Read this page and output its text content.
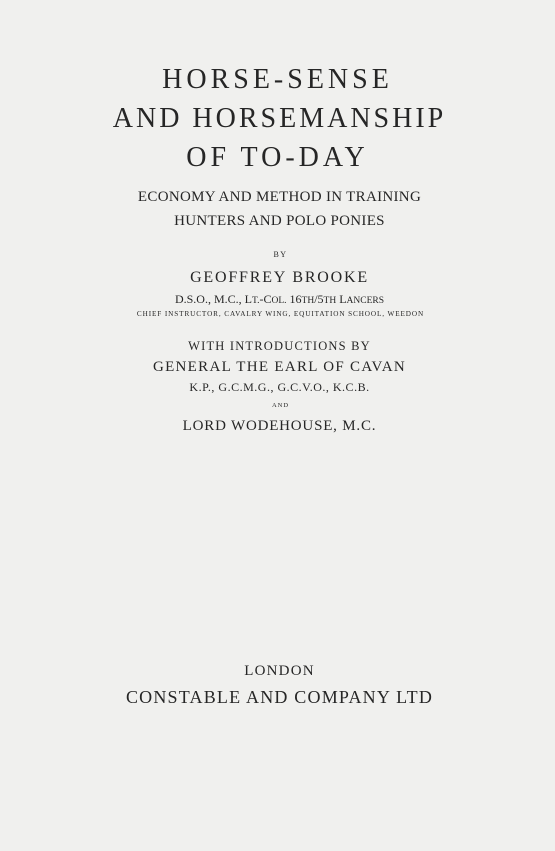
HORSE-SENSE
AND HORSEMANSHIP
OF TO-DAY

ECONOMY AND METHOD IN TRAINING

HUNTERS AND POLO PONIES

BY

GEOFFREY BROOKE

D.S.O., M.C., LT.-COL. 16TH/5TH LANCERS

CHIEF INSTRUCTOR, CAVALRY WING, EQUITATION SCHOOL, WEEDON

WITH INTRODUCTIONS BY

GENERAL THE EARL OF CAVAN

K.P., G.C.M.G., G.C.V.O., K.C.B.

AND

LORD WODEHOUSE, M.C.

LONDON

CONSTABLE AND COMPANY LTD
